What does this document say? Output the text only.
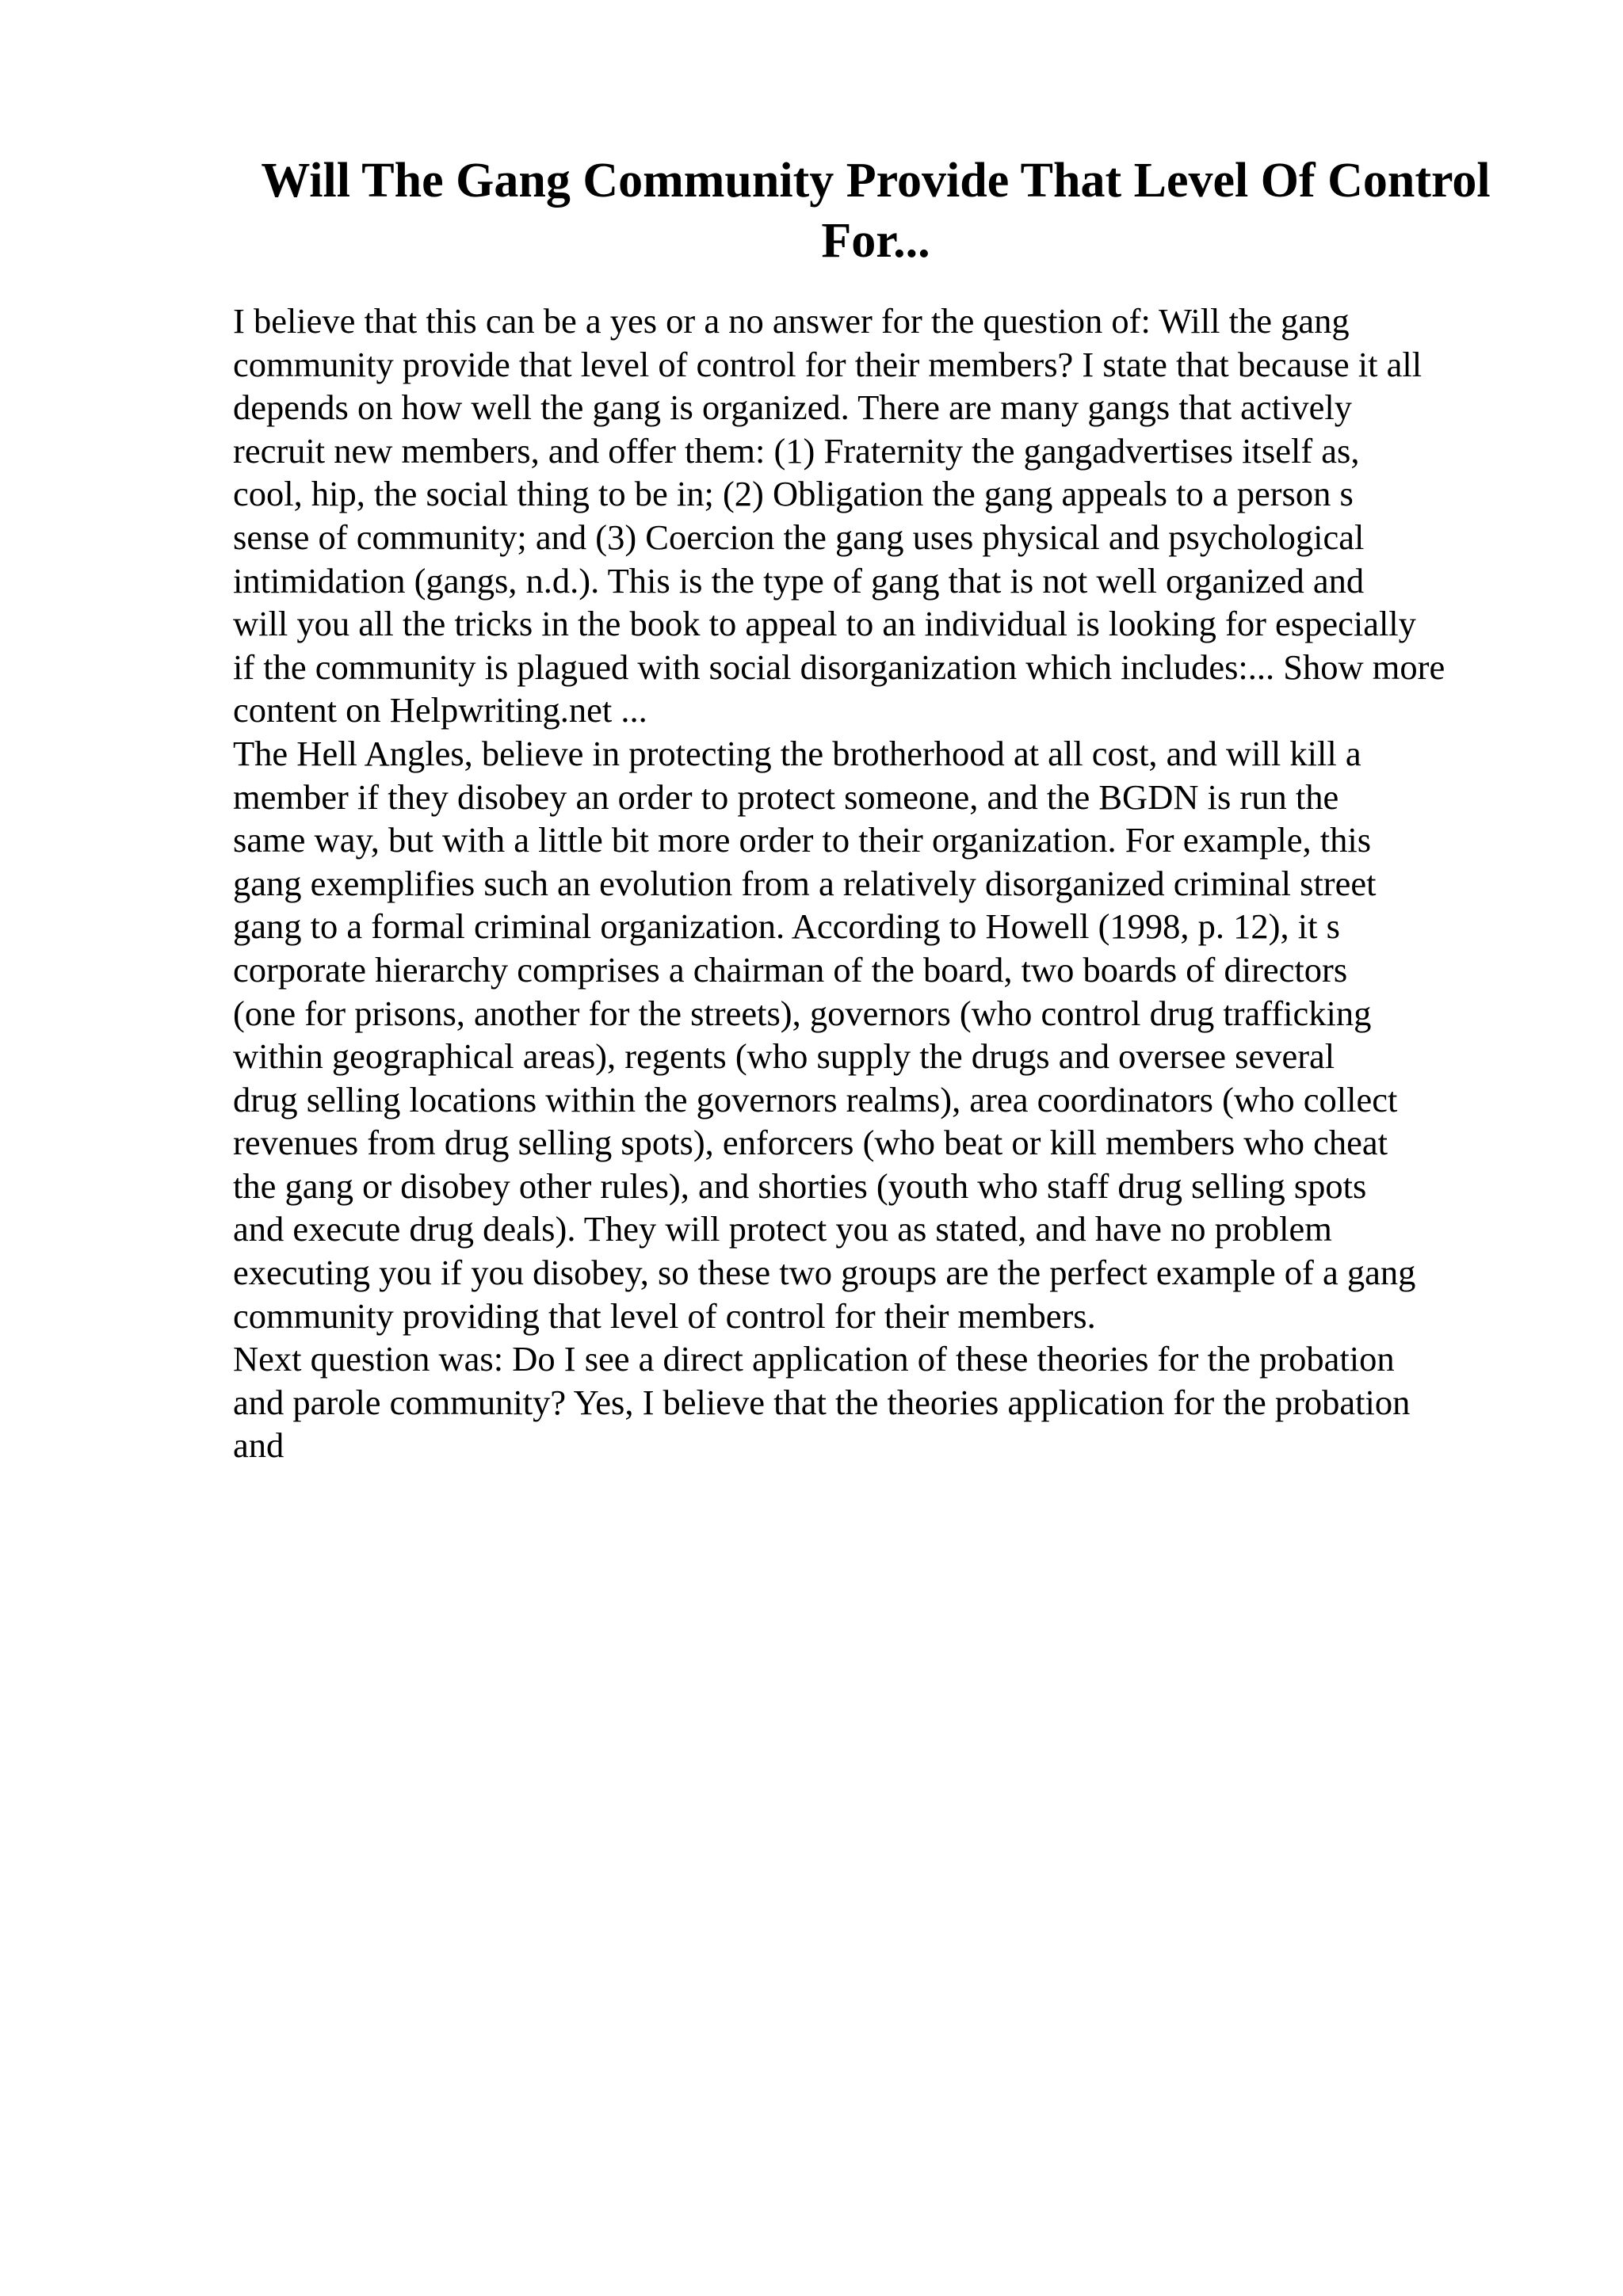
Will The Gang Community Provide That Level Of Control
For...
I believe that this can be a yes or a no answer for the question of: Will the gang
community provide that level of control for their members? I state that because it all
depends on how well the gang is organized. There are many gangs that actively
recruit new members, and offer them: (1) Fraternity the gangadvertises itself as,
cool, hip, the social thing to be in; (2) Obligation the gang appeals to a person s
sense of community; and (3) Coercion the gang uses physical and psychological
intimidation (gangs, n.d.). This is the type of gang that is not well organized and
will you all the tricks in the book to appeal to an individual is looking for especially
if the community is plagued with social disorganization which includes:... Show more
content on Helpwriting.net ...
The Hell Angles, believe in protecting the brotherhood at all cost, and will kill a
member if they disobey an order to protect someone, and the BGDN is run the
same way, but with a little bit more order to their organization. For example, this
gang exemplifies such an evolution from a relatively disorganized criminal street
gang to a formal criminal organization. According to Howell (1998, p. 12), it s
corporate hierarchy comprises a chairman of the board, two boards of directors
(one for prisons, another for the streets), governors (who control drug trafficking
within geographical areas), regents (who supply the drugs and oversee several
drug selling locations within the governors realms), area coordinators (who collect
revenues from drug selling spots), enforcers (who beat or kill members who cheat
the gang or disobey other rules), and shorties (youth who staff drug selling spots
and execute drug deals). They will protect you as stated, and have no problem
executing you if you disobey, so these two groups are the perfect example of a gang
community providing that level of control for their members.
Next question was: Do I see a direct application of these theories for the probation
and parole community? Yes, I believe that the theories application for the probation
and
